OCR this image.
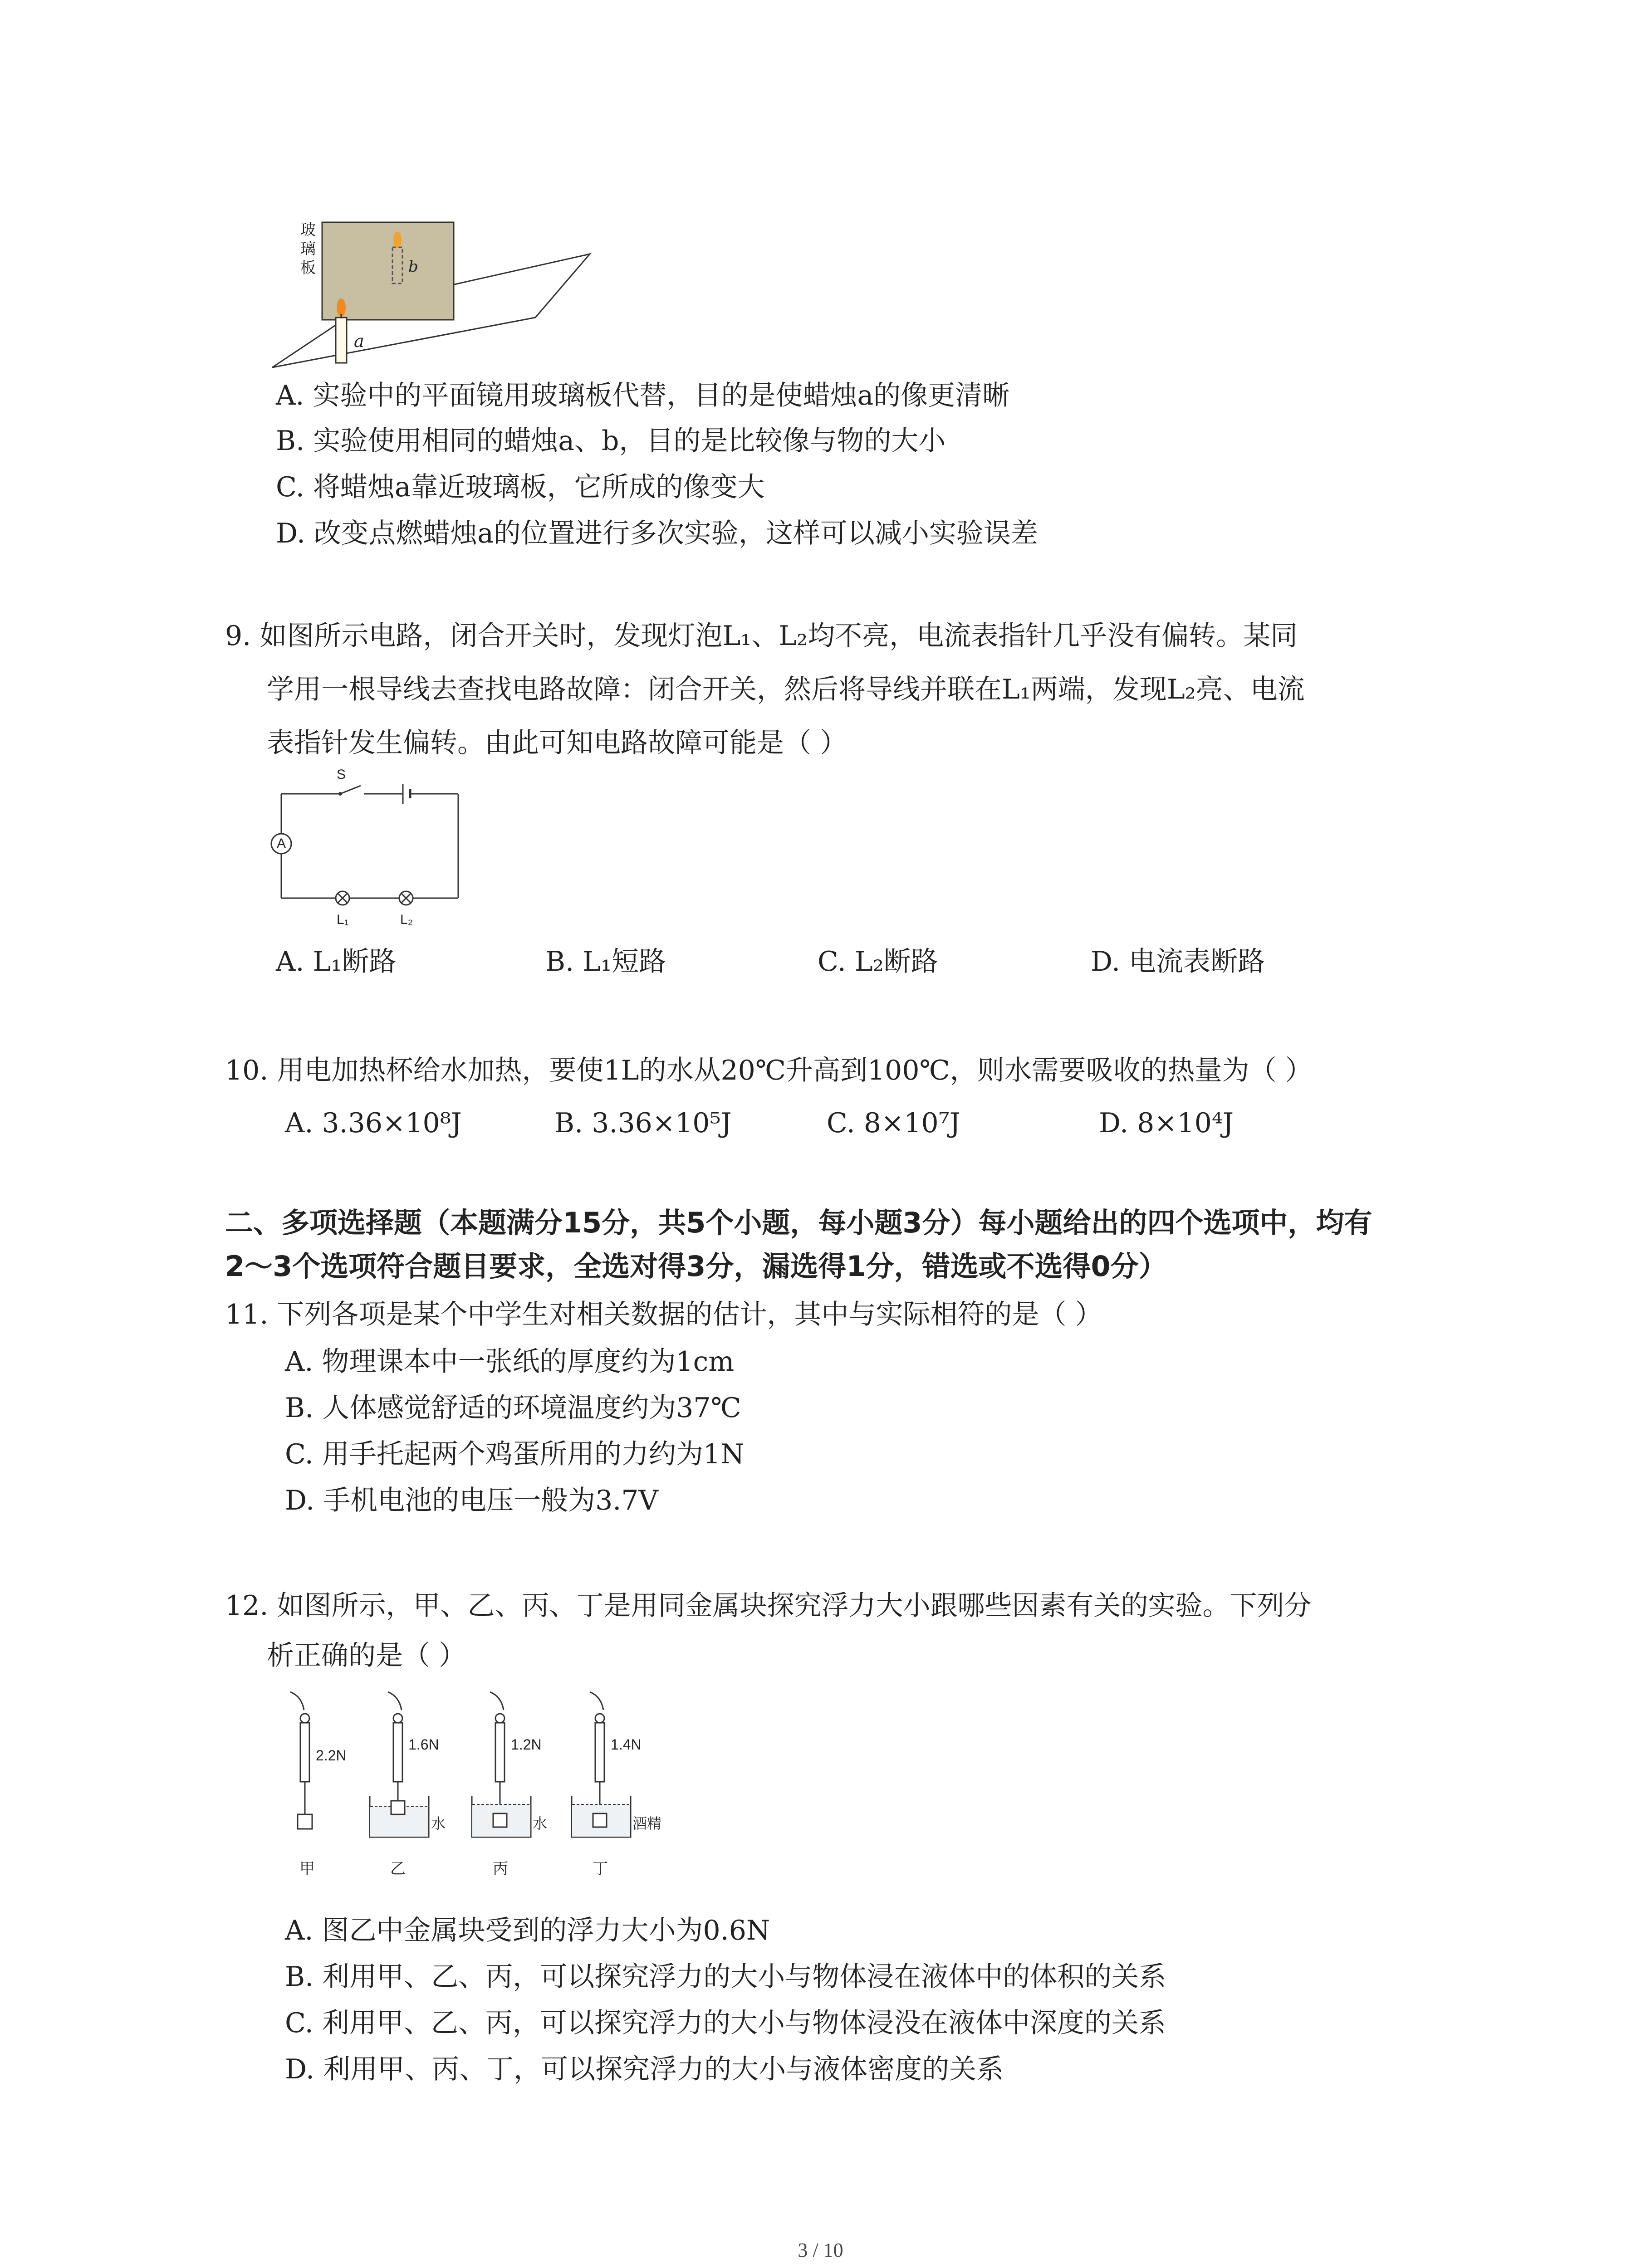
玻璃板
a
b
A. 实验中的平面镜用玻璃板代替，目的是使蜡烛a的像更清晰
B. 实验使用相同的蜡烛a、b，目的是比较像与物的大小
C. 将蜡烛a靠近玻璃板，它所成的像变大
D. 改变点燃蜡烛a的位置进行多次实验，这样可以减小实验误差
9. 如图所示电路，闭合开关时，发现灯泡L₁、L₂均不亮，电流表指针几乎没有偏转。某同
学用一根导线去查找电路故障：闭合开关，然后将导线并联在L₁两端，发现L₂亮、电流
表指针发生偏转。由此可知电路故障可能是（ ）
S
A
L₁	L₂
A. L₁断路	B. L₁短路	C. L₂断路	D. 电流表断路
10. 用电加热杯给水加热，要使1L的水从20℃升高到100℃，则水需要吸收的热量为（ ）
A. 3.36×10⁸J	B. 3.36×10⁵J	C. 8×10⁷J	D. 8×10⁴J
二、多项选择题（本题满分15分，共5个小题，每小题3分）每小题给出的四个选项中，均有
2～3个选项符合题目要求，全选对得3分，漏选得1分，错选或不选得0分）
11. 下列各项是某个中学生对相关数据的估计，其中与实际相符的是（ ）
A. 物理课本中一张纸的厚度约为1cm
B. 人体感觉舒适的环境温度约为37℃
C. 用手托起两个鸡蛋所用的力约为1N
D. 手机电池的电压一般为3.7V
12. 如图所示，甲、乙、丙、丁是用同金属块探究浮力大小跟哪些因素有关的实验。下列分
析正确的是（ ）
2.2N
1.6N	1.2N	1.4N
水	水	酒精
甲	乙	丙	丁
A. 图乙中金属块受到的浮力大小为0.6N
B. 利用甲、乙、丙，可以探究浮力的大小与物体浸在液体中的体积的关系
C. 利用甲、乙、丙，可以探究浮力的大小与物体浸没在液体中深度的关系
D. 利用甲、丙、丁，可以探究浮力的大小与液体密度的关系
3 / 10
